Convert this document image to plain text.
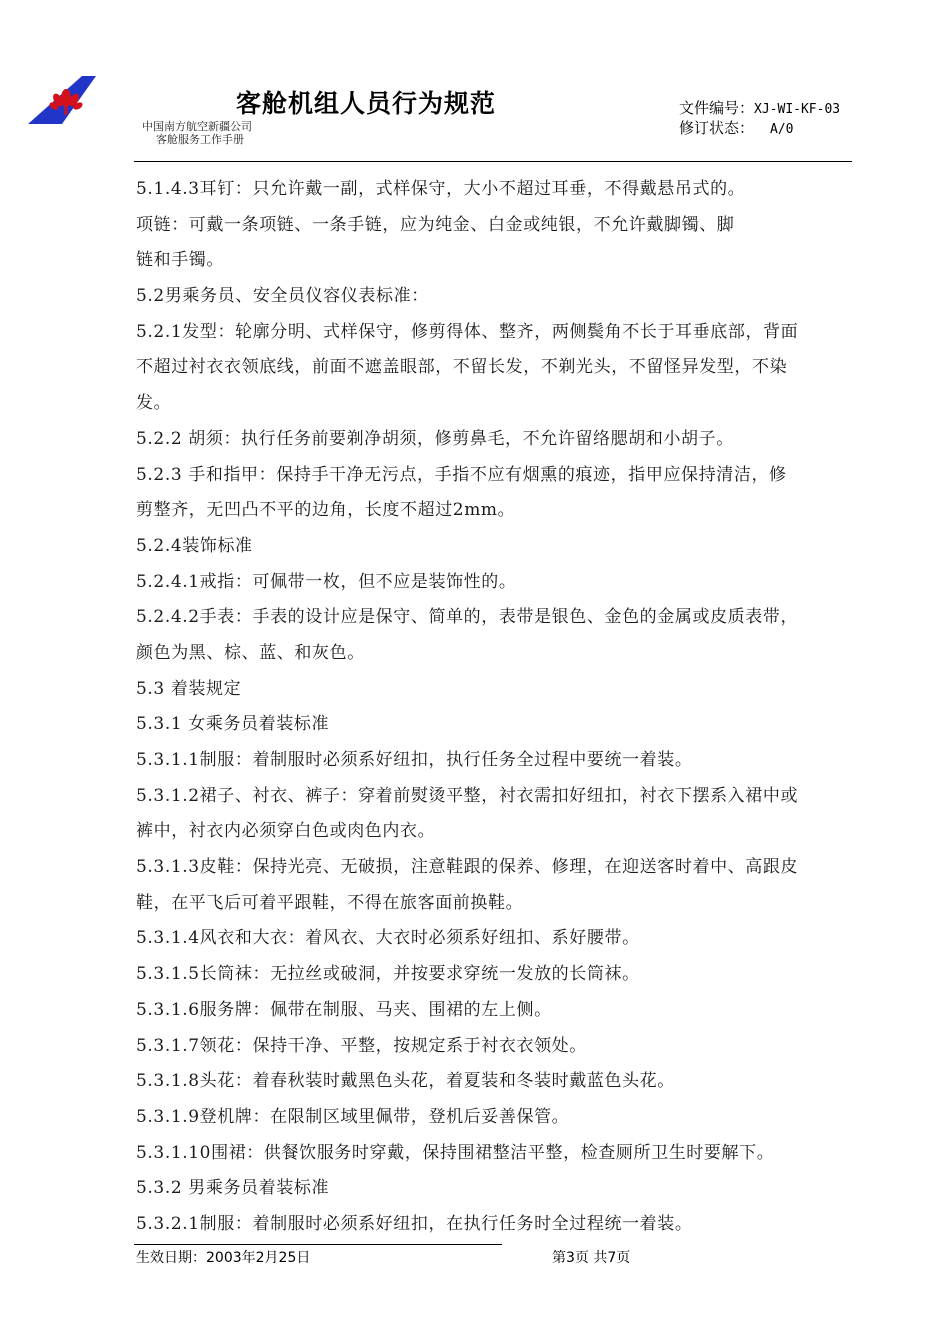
客舱机组人员行为规范
中国南方航空新疆公司
客舱服务工作手册
文件编号：XJ-WI-KF-03
修订状态： A/0
5.1.4.3耳钉：只允许戴一副，式样保守，大小不超过耳垂，不得戴悬吊式的。
项链：可戴一条项链、一条手链，应为纯金、白金或纯银，不允许戴脚镯、脚
链和手镯。
5.2男乘务员、安全员仪容仪表标准：
5.2.1发型：轮廓分明、式样保守，修剪得体、整齐，两侧鬓角不长于耳垂底部，背面
不超过衬衣衣领底线，前面不遮盖眼部，不留长发，不剃光头，不留怪异发型，不染
发。
5.2.2 胡须：执行任务前要剃净胡须，修剪鼻毛，不允许留络腮胡和小胡子。
5.2.3 手和指甲：保持手干净无污点，手指不应有烟熏的痕迹，指甲应保持清洁，修
剪整齐，无凹凸不平的边角，长度不超过2mm。
5.2.4装饰标准
5.2.4.1戒指：可佩带一枚，但不应是装饰性的。
5.2.4.2手表：手表的设计应是保守、简单的，表带是银色、金色的金属或皮质表带，
颜色为黑、棕、蓝、和灰色。
5.3 着装规定
5.3.1 女乘务员着装标准
5.3.1.1制服：着制服时必须系好纽扣，执行任务全过程中要统一着装。
5.3.1.2裙子、衬衣、裤子：穿着前熨烫平整，衬衣需扣好纽扣，衬衣下摆系入裙中或
裤中，衬衣内必须穿白色或肉色内衣。
5.3.1.3皮鞋：保持光亮、无破损，注意鞋跟的保养、修理，在迎送客时着中、高跟皮
鞋，在平飞后可着平跟鞋，不得在旅客面前换鞋。
5.3.1.4风衣和大衣：着风衣、大衣时必须系好纽扣、系好腰带。
5.3.1.5长筒袜：无拉丝或破洞，并按要求穿统一发放的长筒袜。
5.3.1.6服务牌：佩带在制服、马夹、围裙的左上侧。
5.3.1.7领花：保持干净、平整，按规定系于衬衣衣领处。
5.3.1.8头花：着春秋装时戴黑色头花，着夏装和冬装时戴蓝色头花。
5.3.1.9登机牌：在限制区域里佩带，登机后妥善保管。
5.3.1.10围裙：供餐饮服务时穿戴，保持围裙整洁平整，检查厕所卫生时要解下。
5.3.2 男乘务员着装标准
5.3.2.1制服：着制服时必须系好纽扣，在执行任务时全过程统一着装。
生效日期：2003年2月25日	第3页 共7页
